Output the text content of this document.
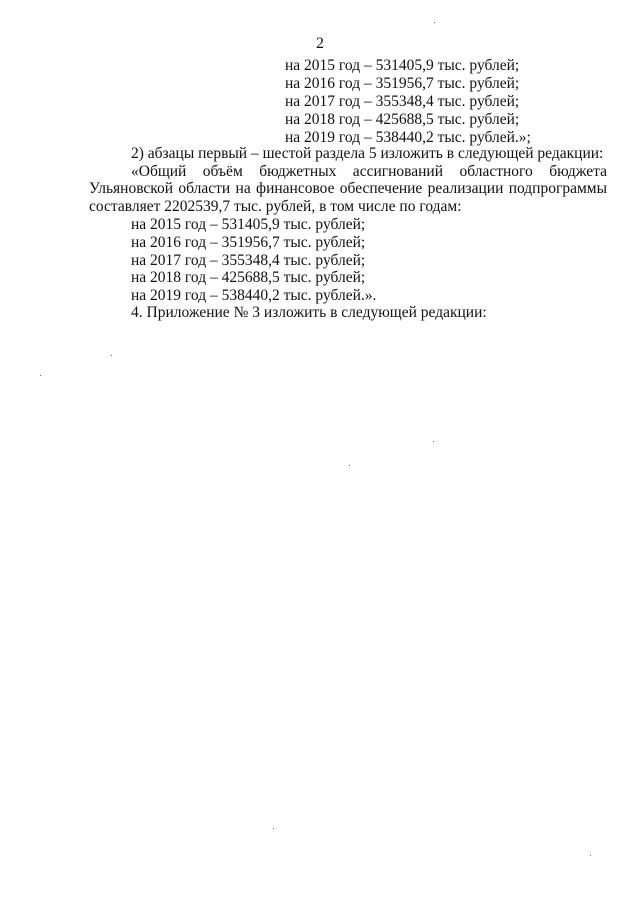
2
на 2015 год – 531405,9 тыс. рублей;
на 2016 год – 351956,7 тыс. рублей;
на 2017 год – 355348,4 тыс. рублей;
на 2018 год – 425688,5 тыс. рублей;
на 2019 год – 538440,2 тыс. рублей.»;
2) абзацы первый – шестой раздела 5 изложить в следующей редакции:
«Общий объём бюджетных ассигнований областного бюджета
Ульяновской области на финансовое обеспечение реализации подпрограммы
составляет 2202539,7 тыс. рублей, в том числе по годам:
на 2015 год – 531405,9 тыс. рублей;
на 2016 год – 351956,7 тыс. рублей;
на 2017 год – 355348,4 тыс. рублей;
на 2018 год – 425688,5 тыс. рублей;
на 2019 год – 538440,2 тыс. рублей.».
4. Приложение № 3 изложить в следующей редакции:
